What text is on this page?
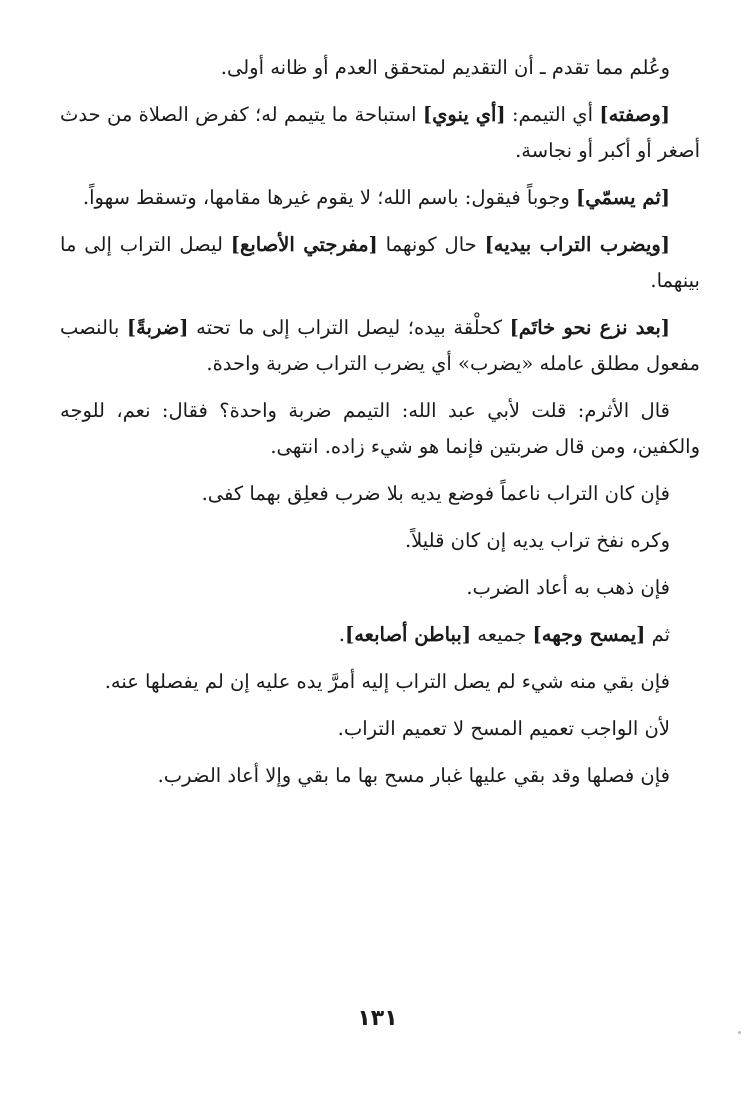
وعُلم مما تقدم ـ أن التقديم لمتحقق العدم أو ظانه أولى.

[وصفته] أي التيمم: [أي ينوي] استباحة ما يتيمم له؛ كفرض الصلاة من حدث أصغر أو أكبر أو نجاسة.

[ثم يسمّي] وجوباً فيقول: باسم الله؛ لا يقوم غيرها مقامها، وتسقط سهواً.

[ويضرب التراب بيديه] حال كونهما [مفرجتي الأصابع] ليصل التراب إلى ما بينهما.

[بعد نزع نحو خاتَم] كحلْقة بيده؛ ليصل التراب إلى ما تحته [ضربةً] بالنصب مفعول مطلق عامله «يضرب» أي يضرب التراب ضربة واحدة.

قال الأثرم: قلت لأبي عبد الله: التيمم ضربة واحدة؟ فقال: نعم، للوجه والكفين، ومن قال ضربتين فإنما هو شيء زاده. انتهى.

فإن كان التراب ناعماً فوضع يديه بلا ضرب فعلِق بهما كفى.

وكره نفخ تراب يديه إن كان قليلاً.

فإن ذهب به أعاد الضرب.

ثم [يمسح وجهه] جميعه [بباطن أصابعه].

فإن بقي منه شيء لم يصل التراب إليه أمرَّ يده عليه إن لم يفصلها عنه.

لأن الواجب تعميم المسح لا تعميم التراب.

فإن فصلها وقد بقي عليها غبار مسح بها ما بقي وإلا أعاد الضرب.

١٣١
